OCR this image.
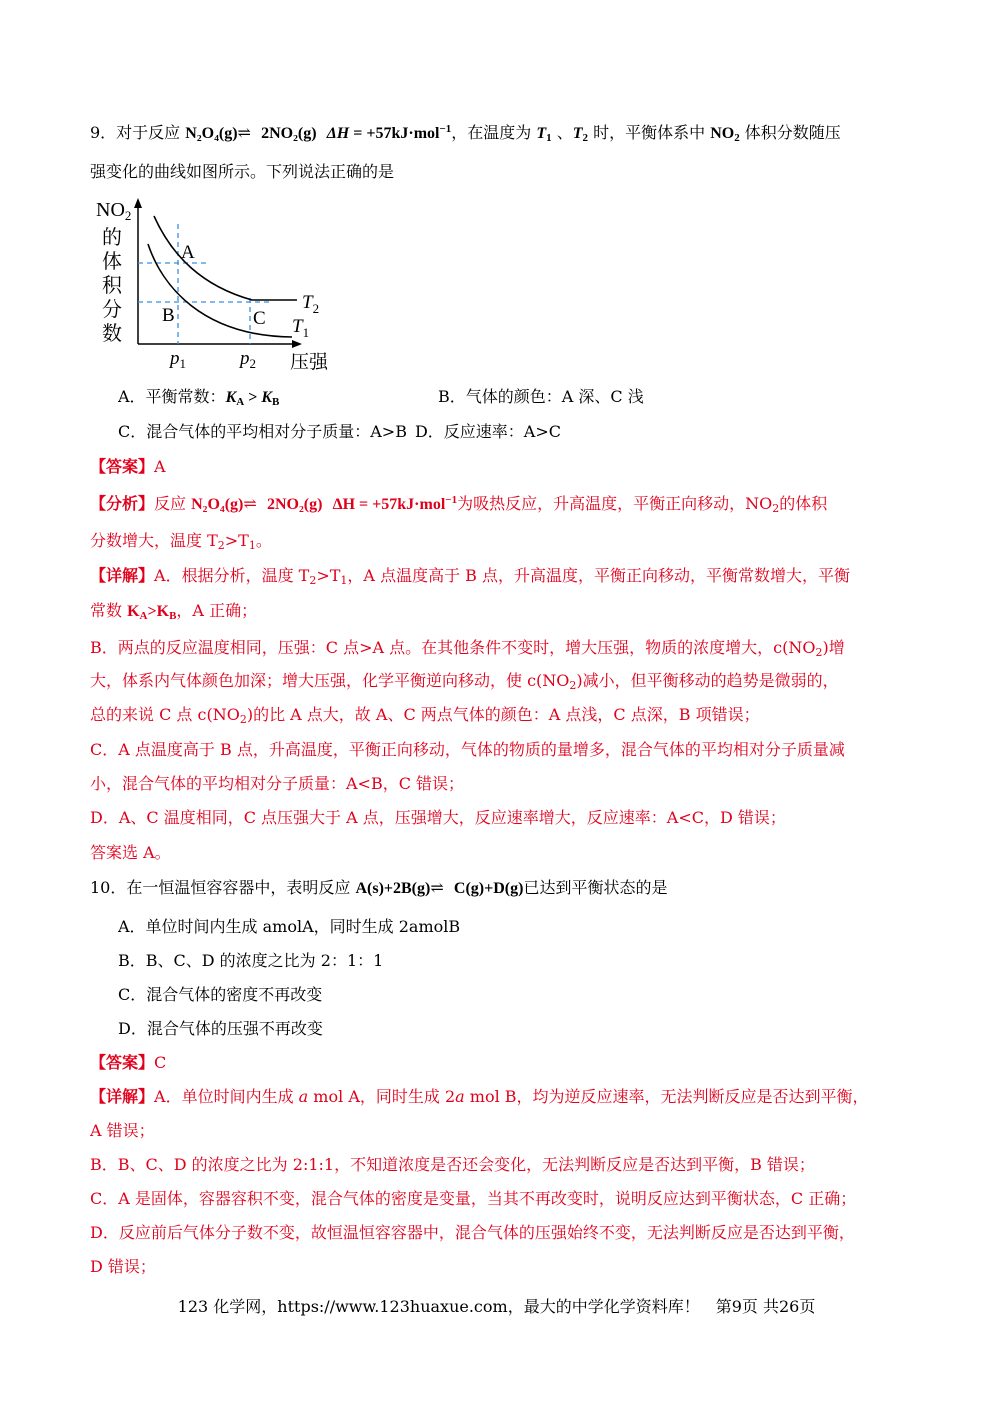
9．对于反应 N₂O₄(g)⇌ 2NO₂(g) ΔH = +57kJ·mol$^{-1}$，在温度为 $T_1$ 、$T_2$ 时，平衡体系中 $NO_2$ 体积分数随压
强变化的曲线如图所示。下列说法正确的是
$NO_2$
的
体
积
分
数
A
B	C
$T_2$
$T_1$
$p_1$	$p_2$ 压强
A．平衡常数：$K_A > K_B$	B．气体的颜色：A 深、C 浅
C．混合气体的平均相对分子质量：A>B D．反应速率：A>C
【答案】A
【分析】反应 N₂O₄(g)⇌ 2NO₂(g) ΔH = +57kJ·mol$^{-1}$为吸热反应，升高温度，平衡正向移动，$NO_2$的体积
分数增大，温度 $T_2>T_1$。
【详解】A．根据分析，温度 $T_2>T_1$，A 点温度高于 B 点，升高温度，平衡正向移动，平衡常数增大，平衡
常数 $K_A>K_B$，A 正确；
B．两点的反应温度相同，压强：C 点>A 点。在其他条件不变时，增大压强，物质的浓度增大，$c(NO_2)$增
大，体系内气体颜色加深；增大压强，化学平衡逆向移动，使 $c(NO_2)$减小，但平衡移动的趋势是微弱的，
总的来说 C 点 $c(NO_2)$的比 A 点大，故 A、C 两点气体的颜色：A 点浅，C 点深，B 项错误；
C．A 点温度高于 B 点，升高温度，平衡正向移动，气体的物质的量增多，混合气体的平均相对分子质量减
小，混合气体的平均相对分子质量：A<B，C 错误；
D．A、C 温度相同，C 点压强大于 A 点，压强增大，反应速率增大，反应速率：A<C，D 错误；
答案选 A。
10．在一恒温恒容容器中，表明反应 A(s)+2B(g)⇌ C(g)+D(g)已达到平衡状态的是
A．单位时间内生成 amolA，同时生成 2amolB
B．B、C、D 的浓度之比为 2：1：1
C．混合气体的密度不再改变
D．混合气体的压强不再改变
【答案】C
【详解】A．单位时间内生成 a mol A，同时生成 2a mol B，均为逆反应速率，无法判断反应是否达到平衡，
A 错误；
B．B、C、D 的浓度之比为 2:1:1，不知道浓度是否还会变化，无法判断反应是否达到平衡，B 错误；
C．A 是固体，容器容积不变，混合气体的密度是变量，当其不再改变时，说明反应达到平衡状态，C 正确；
D．反应前后气体分子数不变，故恒温恒容容器中，混合气体的压强始终不变，无法判断反应是否达到平衡，
D 错误；
123 化学网，https://www.123huaxue.com，最大的中学化学资料库！　第9页 共26页
